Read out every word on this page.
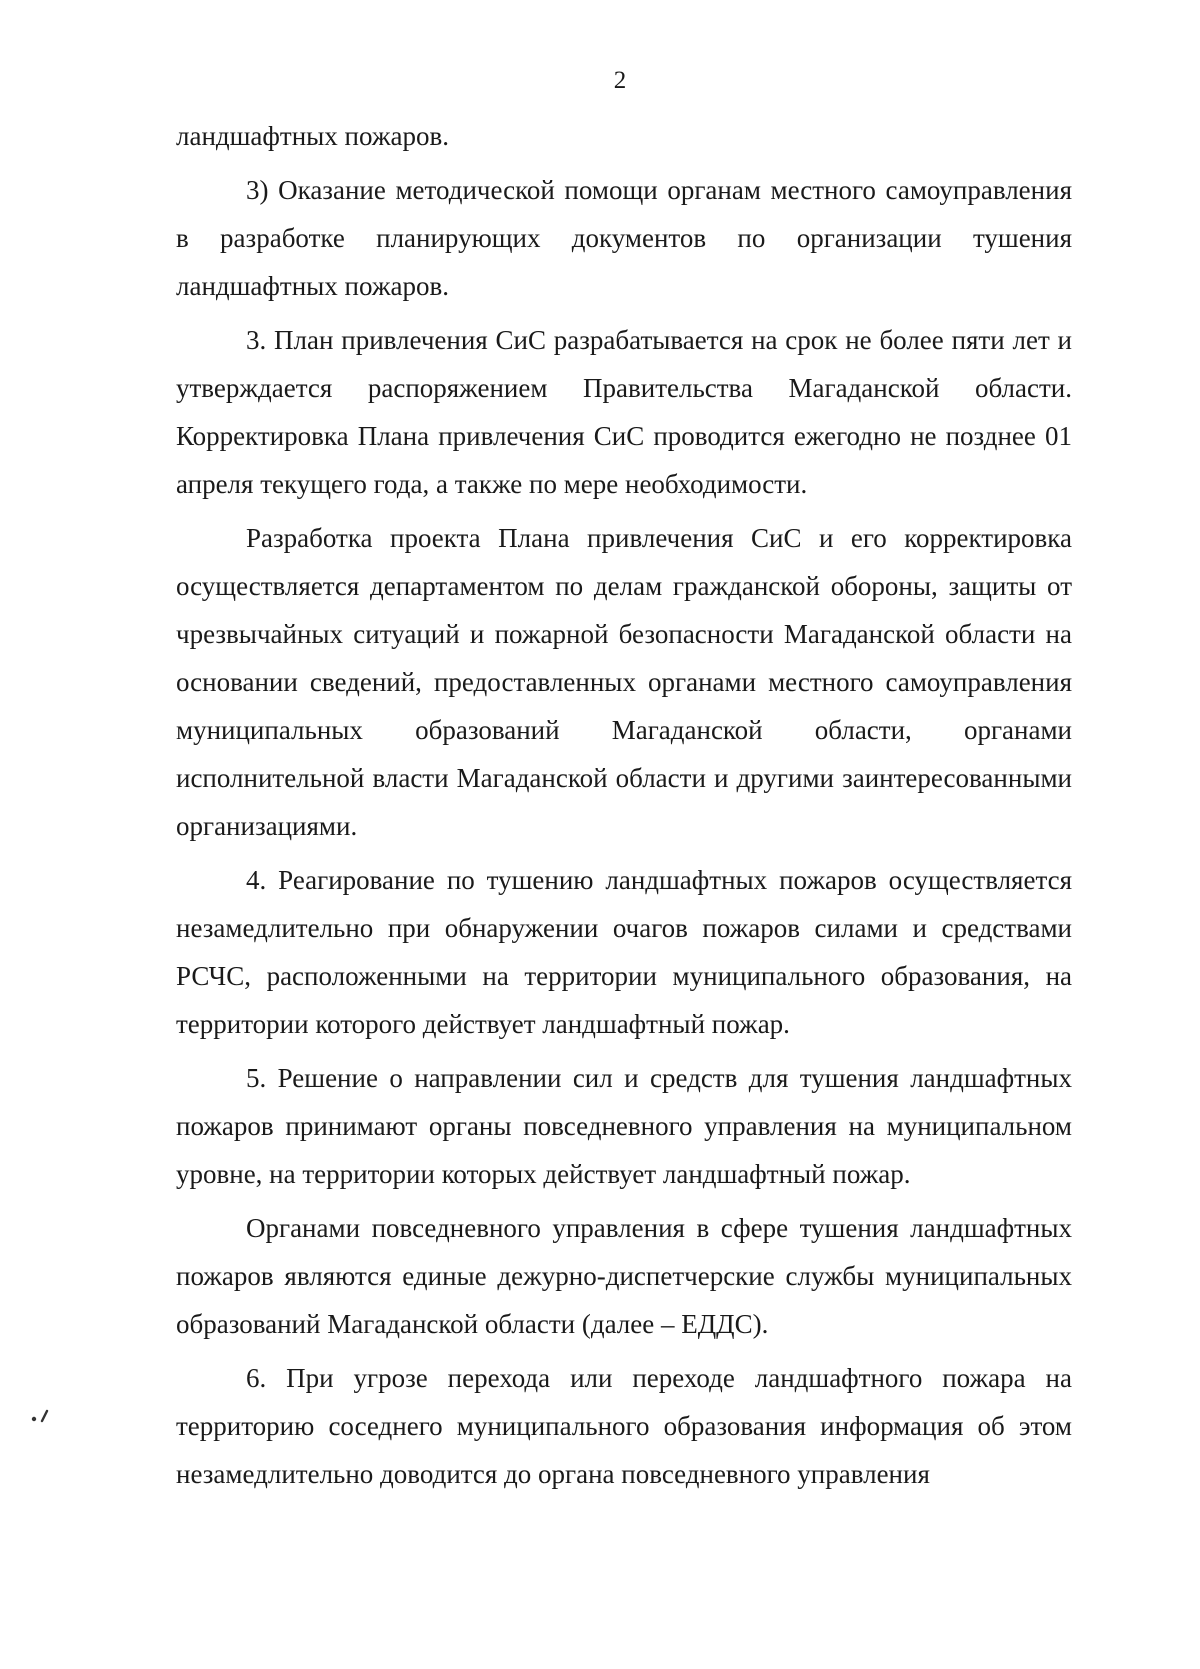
2

ландшафтных пожаров.

3) Оказание методической помощи органам местного самоуправления в разработке планирующих документов по организации тушения ландшафтных пожаров.

3. План привлечения СиС разрабатывается на срок не более пяти лет и утверждается распоряжением Правительства Магаданской области. Корректировка Плана привлечения СиС проводится ежегодно не позднее 01 апреля текущего года, а также по мере необходимости.

Разработка проекта Плана привлечения СиС и его корректировка осуществляется департаментом по делам гражданской обороны, защиты от чрезвычайных ситуаций и пожарной безопасности Магаданской области на основании сведений, предоставленных органами местного самоуправления муниципальных образований Магаданской области, органами исполнительной власти Магаданской области и другими заинтересованными организациями.

4. Реагирование по тушению ландшафтных пожаров осуществляется незамедлительно при обнаружении очагов пожаров силами и средствами РСЧС, расположенными на территории муниципального образования, на территории которого действует ландшафтный пожар.

5. Решение о направлении сил и средств для тушения ландшафтных пожаров принимают органы повседневного управления на муниципальном уровне, на территории которых действует ландшафтный пожар.

Органами повседневного управления в сфере тушения ландшафтных пожаров являются единые дежурно-диспетчерские службы муниципальных образований Магаданской области (далее – ЕДДС).

6. При угрозе перехода или переходе ландшафтного пожара на территорию соседнего муниципального образования информация об этом незамедлительно доводится до органа повседневного управления
